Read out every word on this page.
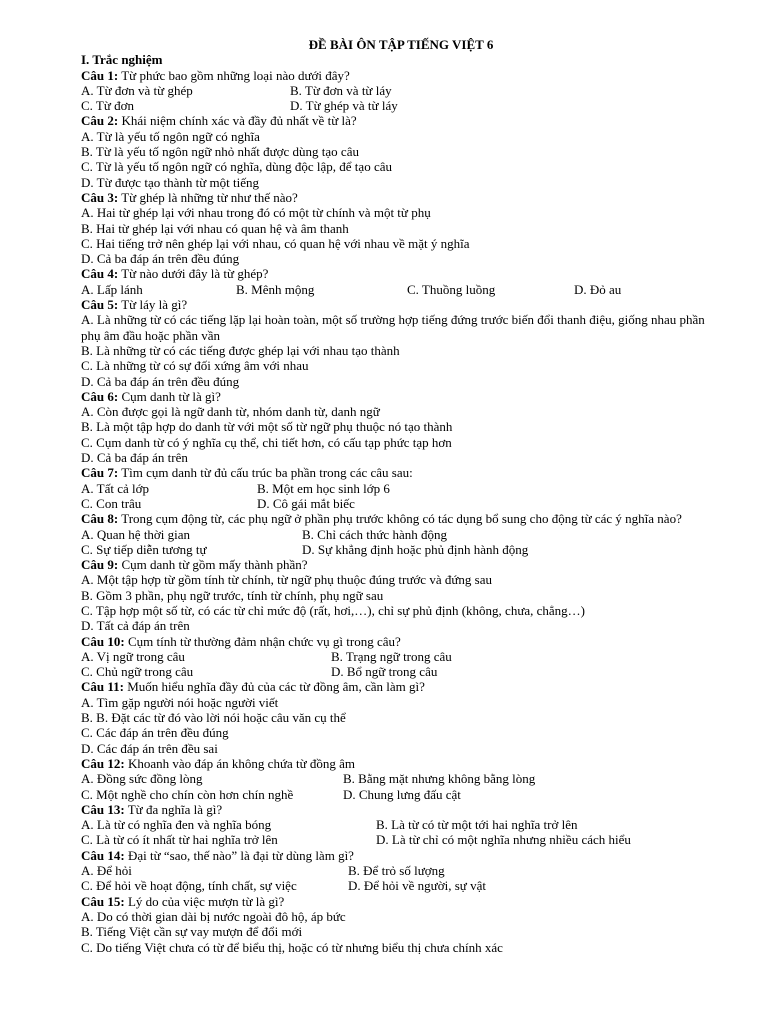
ĐỀ BÀI ÔN TẬP TIẾNG VIỆT 6
I. Trắc nghiệm
Câu 1: Từ phức bao gồm những loại nào dưới đây?
A. Từ đơn và từ ghép	B. Từ đơn và từ láy
C. Từ đơn	D. Từ ghép và từ láy
Câu 2: Khái niệm chính xác và đầy đủ nhất về từ là?
A. Từ là yếu tố ngôn ngữ có nghĩa
B. Từ là yếu tố ngôn ngữ nhỏ nhất được dùng tạo câu
C. Từ là yếu tố ngôn ngữ có nghĩa, dùng độc lập, để tạo câu
D. Từ được tạo thành từ một tiếng
Câu 3: Từ ghép là những từ như thế nào?
A. Hai từ ghép lại với nhau trong đó có một từ chính và một từ phụ
B. Hai từ ghép lại với nhau có quan hệ và âm thanh
C. Hai tiếng trở nên ghép lại với nhau, có quan hệ với nhau về mặt ý nghĩa
D. Cả ba đáp án trên đều đúng
Câu 4: Từ nào dưới đây là từ ghép?
A. Lấp lánh	B. Mênh mộng	C. Thuồng luồng	D. Đỏ au
Câu 5: Từ láy là gì?
A. Là những từ có các tiếng lặp lại hoàn toàn, một số trường hợp tiếng đứng trước biến đổi thanh điệu, giống nhau phần phụ âm đầu hoặc phần vần
B. Là những từ có các tiếng được ghép lại với nhau tạo thành
C. Là những từ có sự đối xứng âm với nhau
D. Cả ba đáp án trên đều đúng
Câu 6: Cụm danh từ là gì?
A. Còn được gọi là ngữ danh từ, nhóm danh từ, danh ngữ
B. Là một tập hợp do danh từ với một số từ ngữ phụ thuộc nó tạo thành
C. Cụm danh từ có ý nghĩa cụ thể, chi tiết hơn, có cấu tạp phức tạp hơn
D. Cả ba đáp án trên
Câu 7: Tìm cụm danh từ đủ cấu trúc ba phần trong các câu sau:
A. Tất cả lớp	B. Một em học sinh lớp 6
C. Con trâu	D. Cô gái mắt biếc
Câu 8: Trong cụm động từ, các phụ ngữ ở phần phụ trước không có tác dụng bổ sung cho động từ các ý nghĩa nào?
A. Quan hệ thời gian	B. Chỉ cách thức hành động
C. Sự tiếp diễn tương tự	D. Sự khẳng định hoặc phủ định hành động
Câu 9: Cụm danh từ gồm mấy thành phần?
A. Một tập hợp từ gồm tính từ chính, từ ngữ phụ thuộc đúng trước và đứng sau
B. Gồm 3 phần, phụ ngữ trước, tính từ chính, phụ ngữ sau
C. Tập hợp một số từ, có các từ chỉ mức độ (rất, hơi,…), chỉ sự phủ định (không, chưa, chẳng…)
D. Tất cả đáp án trên
Câu 10: Cụm tính từ thường đảm nhận chức vụ gì trong câu?
A. Vị ngữ trong câu	B. Trạng ngữ trong câu
C. Chủ ngữ trong câu	D. Bổ ngữ trong câu
Câu 11: Muốn hiểu nghĩa đầy đủ của các từ đồng âm, cần làm gì?
A. Tìm gặp người nói hoặc người viết
B. B. Đặt các từ đó vào lời nói hoặc câu văn cụ thể
C. Các đáp án trên đều đúng
D. Các đáp án trên đều sai
Câu 12: Khoanh vào đáp án không chứa từ đồng âm
A. Đồng sức đồng lòng	B. Bằng mặt nhưng không bằng lòng
C. Một nghề cho chín còn hơn chín nghề	D. Chung lưng đấu cật
Câu 13: Từ đa nghĩa là gì?
A. Là từ có nghĩa đen và nghĩa bóng	B. Là từ có từ một tới hai nghĩa trở lên
C. Là từ có ít nhất từ hai nghĩa trở lên	D. Là từ chỉ có một nghĩa nhưng nhiều cách hiểu
Câu 14: Đại từ “sao, thế nào” là đại từ dùng làm gì?
A. Để hỏi	B. Để trỏ số lượng
C. Để hỏi về hoạt động, tính chất, sự việc	D. Để hỏi về người, sự vật
Câu 15: Lý do của việc mượn từ là gì?
A. Do có thời gian dài bị nước ngoài đô hộ, áp bức
B. Tiếng Việt cần sự vay mượn để đổi mới
C. Do tiếng Việt chưa có từ để biểu thị, hoặc có từ nhưng biểu thị chưa chính xác
